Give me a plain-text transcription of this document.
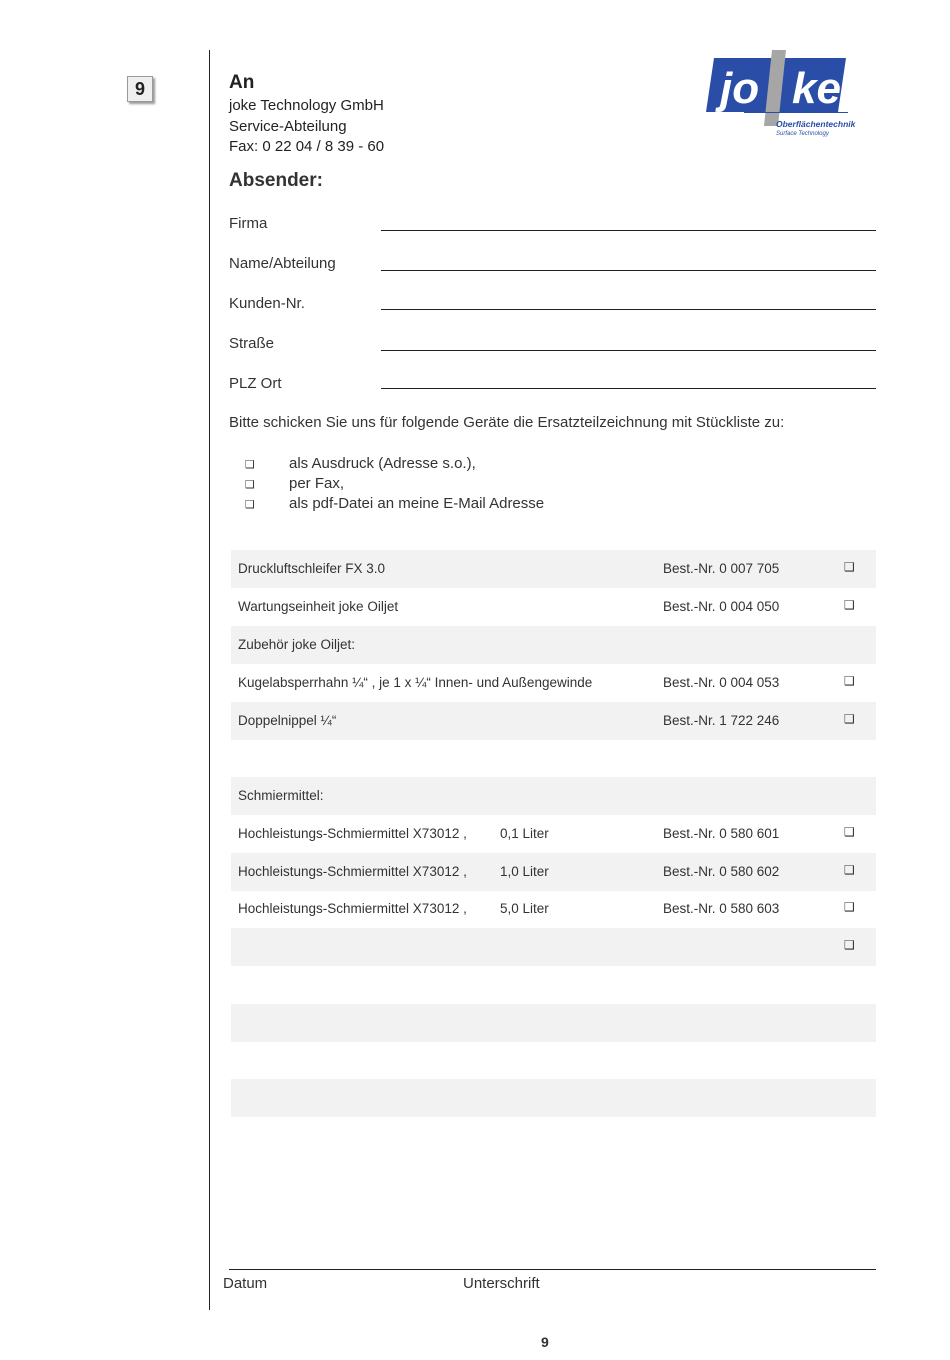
9	An
joke Technology GmbH
Service-Abteilung
Fax: 0 22 04 / 8 39 - 60
jo ke
Oberflächentechnik
Surface Technology
Absender:
Firma
Name/Abteilung
Kunden-Nr.
Straße
PLZ Ort
Bitte schicken Sie uns für folgende Geräte die Ersatzteilzeichnung mit Stückliste zu:
❑ als Ausdruck (Adresse s.o.),
❑ per Fax,
❑ als pdf-Datei an meine E-Mail Adresse
Druckluftschleifer FX 3.0	Best.-Nr. 0 007 705	❑
Wartungseinheit joke Oiljet	Best.-Nr. 0 004 050	❑
Zubehör joke Oiljet:
Kugelabsperrhahn ¼“ , je 1 x ¼“ Innen- und Außengewinde	Best.-Nr. 0 004 053	❑
Doppelnippel ¼“	Best.-Nr. 1 722 246	❑
Schmiermittel:
Hochleistungs-Schmiermittel X73012 , 0,1 Liter	Best.-Nr. 0 580 601	❑
Hochleistungs-Schmiermittel X73012 , 1,0 Liter	Best.-Nr. 0 580 602	❑
Hochleistungs-Schmiermittel X73012 , 5,0 Liter	Best.-Nr. 0 580 603	❑
❑
Datum	Unterschrift
9
